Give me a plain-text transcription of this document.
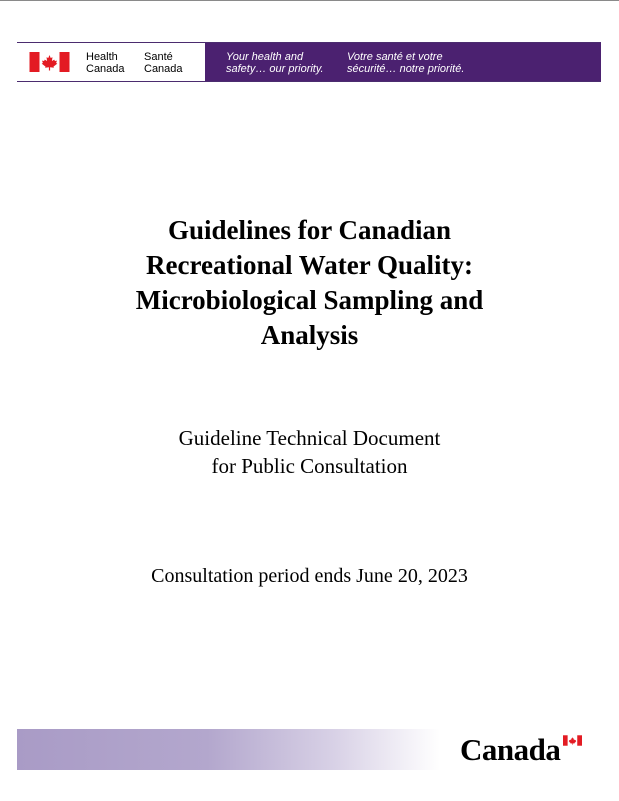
Health
Canada
Santé
Canada
Your health and
safety… our priority.
Votre santé et votre
sécurité… notre priorité.
Guidelines for Canadian
Recreational Water Quality:
Microbiological Sampling and
Analysis

Guideline Technical Document
for Public Consultation

Consultation period ends June 20, 2023

Canada
